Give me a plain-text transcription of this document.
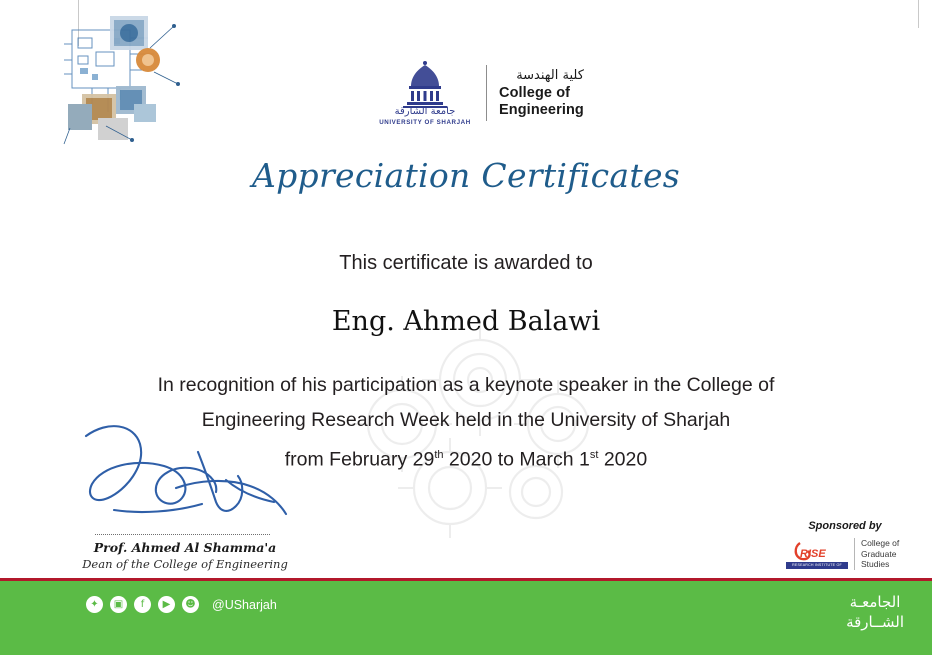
جامعة الشارقة
UNIVERSITY OF SHARJAH
كلية الهندسة
College of
Engineering
Appreciation Certificates
This certificate is awarded to
Eng. Ahmed Balawi
In recognition of his participation as a keynote speaker in the College of
Engineering Research Week held in the University of Sharjah
from February 29th 2020 to March 1st 2020
Prof. Ahmed Al Shamma'a
Dean of the College of Engineering
Sponsored by
RISE
RESEARCH INSTITUTE OF SCIENCES AND ENGINEERING
College of
Graduate
Studies
✦	▣	f	▶	☻ @USharjah	الجامعـة
الشــارقة
